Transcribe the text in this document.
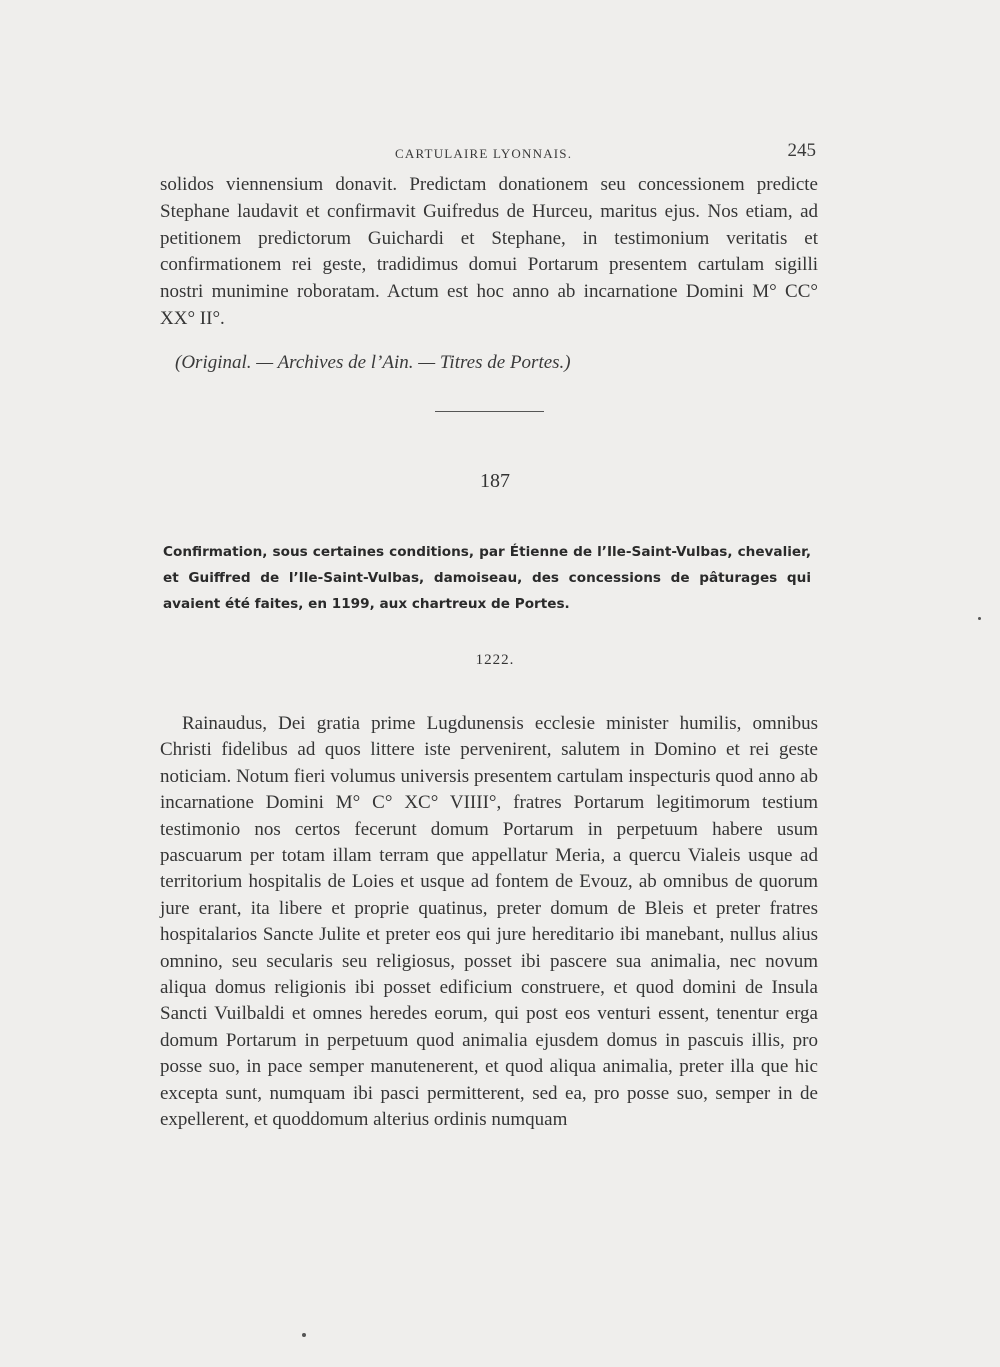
CARTULAIRE LYONNAIS.	245

solidos viennensium donavit. Predictam donationem seu concessionem predicte Stephane laudavit et confirmavit Guifredus de Hurceu, maritus ejus. Nos etiam, ad petitionem predictorum Guichardi et Stephane, in testimonium veritatis et confirmationem rei geste, tradidimus domui Portarum presentem cartulam sigilli nostri munimine roboratam. Actum est hoc anno ab incarnatione Domini M° CC° XX° II°.

(Original. — Archives de l’Ain. — Titres de Portes.)
187

Confirmation, sous certaines conditions, par Étienne de l’Ile-Saint-Vulbas, chevalier, et Guiffred de l’Ile-Saint-Vulbas, damoiseau, des concessions de pâturages qui avaient été faites, en 1199, aux chartreux de Portes.

1222.

Rainaudus, Dei gratia prime Lugdunensis ecclesie minister humilis, omnibus Christi fidelibus ad quos littere iste pervenirent, salutem in Domino et rei geste noticiam. Notum fieri volumus universis presentem cartulam inspecturis quod anno ab incarnatione Domini M° C° XC° VIIII°, fratres Portarum legitimorum testium testimonio nos certos fecerunt domum Portarum in perpetuum habere usum pascuarum per totam illam terram que appellatur Meria, a quercu Vialeis usque ad territorium hospitalis de Loies et usque ad fontem de Evouz, ab omnibus de quorum jure erant, ita libere et proprie quatinus, preter domum de Bleis et preter fratres hospitalarios Sancte Julite et preter eos qui jure hereditario ibi manebant, nullus alius omnino, seu secularis seu religiosus, posset ibi pascere sua animalia, nec novum aliqua domus religionis ibi posset edificium construere, et quod domini de Insula Sancti Vuilbaldi et omnes heredes eorum, qui post eos venturi essent, tenentur erga domum Portarum in perpetuum quod animalia ejusdem domus in pascuis illis, pro posse suo, in pace semper manutenerent, et quod aliqua animalia, preter illa que hic excepta sunt, numquam ibi pasci permitterent, sed ea, pro posse suo, semper in de expellerent, et quoddomum alterius ordinis numquam
